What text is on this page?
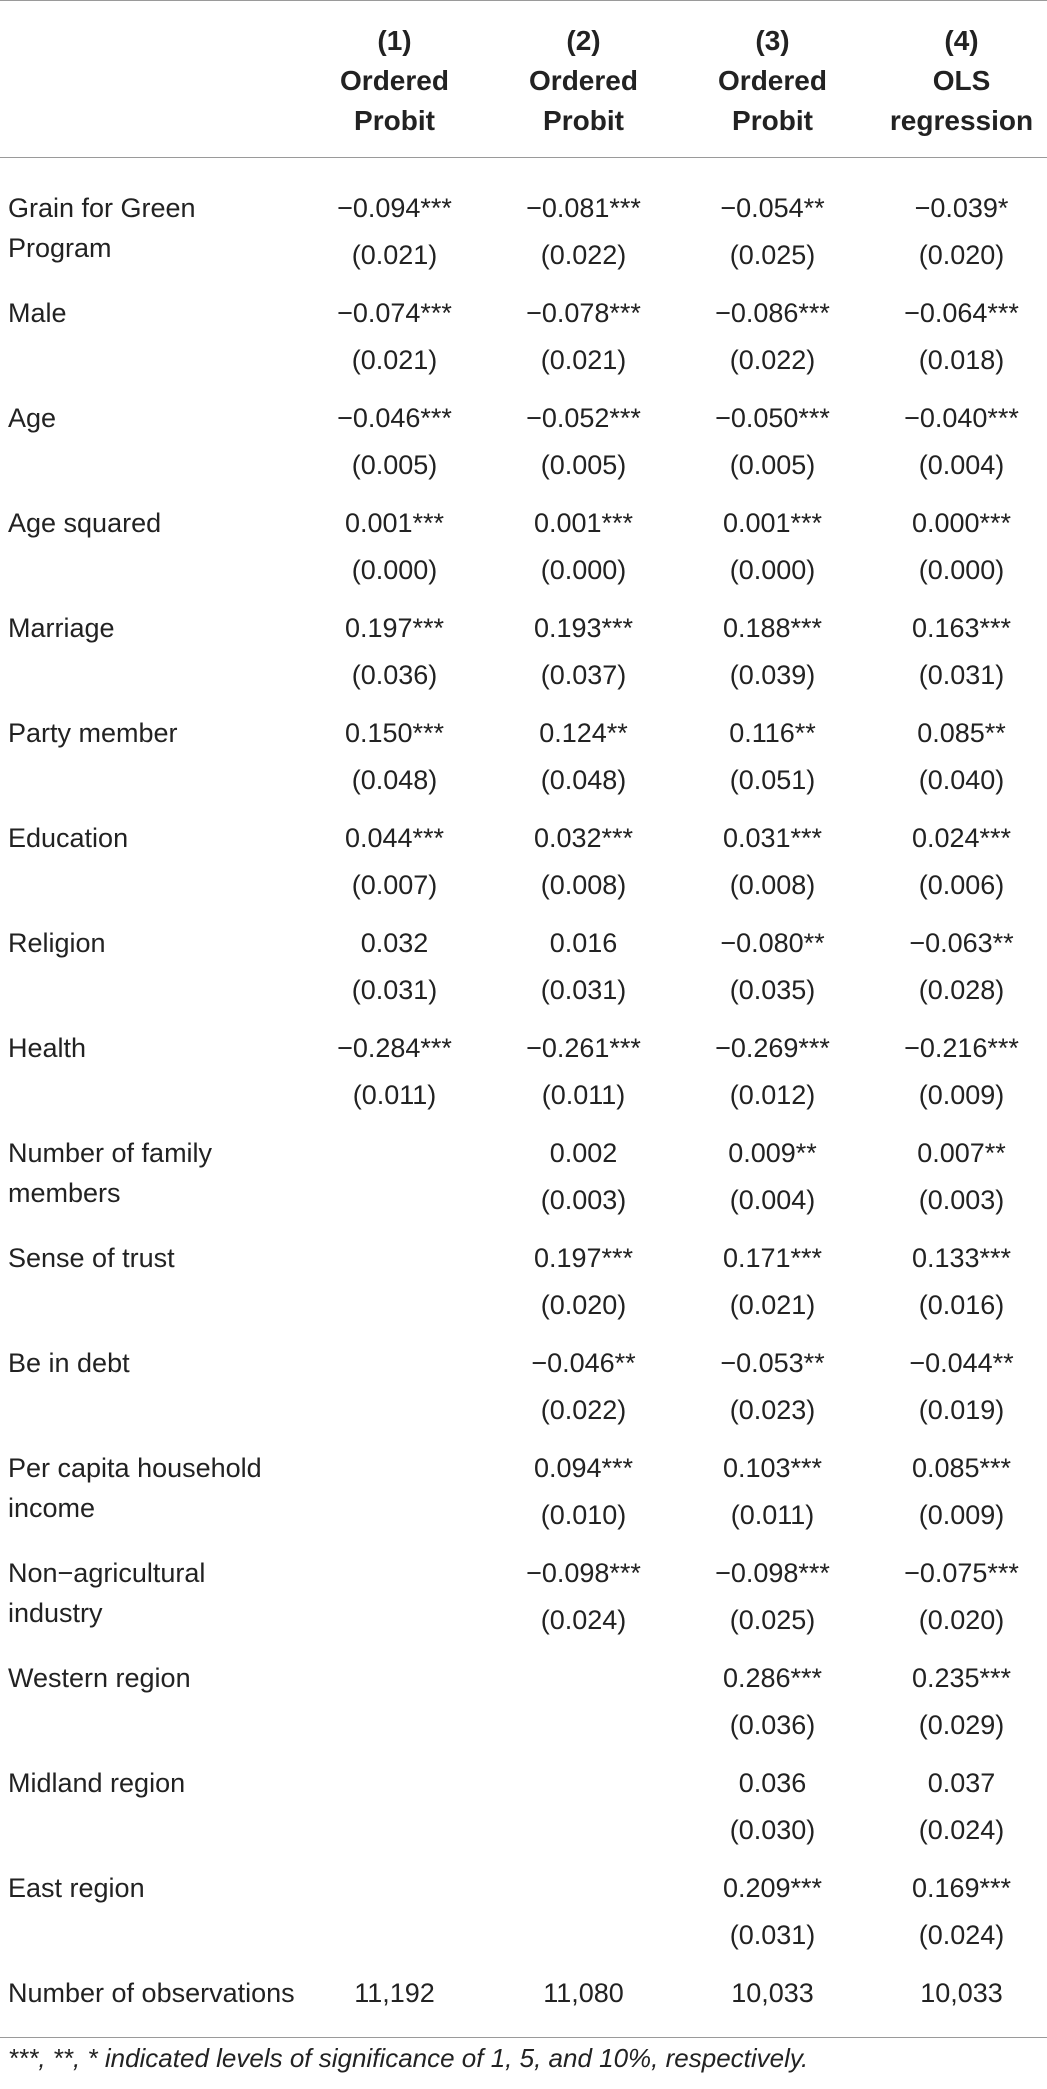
	(1)	(2)	(3)	(4)
	Ordered	Ordered	Ordered	OLS
	Probit	Probit	Probit	regression
Grain for Green Program	−0.094***	−0.081***	−0.054**	−0.039*
	(0.021)	(0.022)	(0.025)	(0.020)
Male	−0.074***	−0.078***	−0.086***	−0.064***
	(0.021)	(0.021)	(0.022)	(0.018)
Age	−0.046***	−0.052***	−0.050***	−0.040***
	(0.005)	(0.005)	(0.005)	(0.004)
Age squared	0.001***	0.001***	0.001***	0.000***
	(0.000)	(0.000)	(0.000)	(0.000)
Marriage	0.197***	0.193***	0.188***	0.163***
	(0.036)	(0.037)	(0.039)	(0.031)
Party member	0.150***	0.124**	0.116**	0.085**
	(0.048)	(0.048)	(0.051)	(0.040)
Education	0.044***	0.032***	0.031***	0.024***
	(0.007)	(0.008)	(0.008)	(0.006)
Religion	0.032	0.016	−0.080**	−0.063**
	(0.031)	(0.031)	(0.035)	(0.028)
Health	−0.284***	−0.261***	−0.269***	−0.216***
	(0.011)	(0.011)	(0.012)	(0.009)
Number of family members		0.002	0.009**	0.007**
		(0.003)	(0.004)	(0.003)
Sense of trust		0.197***	0.171***	0.133***
		(0.020)	(0.021)	(0.016)
Be in debt		−0.046**	−0.053**	−0.044**
		(0.022)	(0.023)	(0.019)
Per capita household income		0.094***	0.103***	0.085***
		(0.010)	(0.011)	(0.009)
Non−agricultural industry		−0.098***	−0.098***	−0.075***
		(0.024)	(0.025)	(0.020)
Western region			0.286***	0.235***
			(0.036)	(0.029)
Midland region			0.036	0.037
			(0.030)	(0.024)
East region			0.209***	0.169***
			(0.031)	(0.024)
Number of observations	11,192	11,080	10,033	10,033
***, **, * indicated levels of significance of 1, 5, and 10%, respectively.
